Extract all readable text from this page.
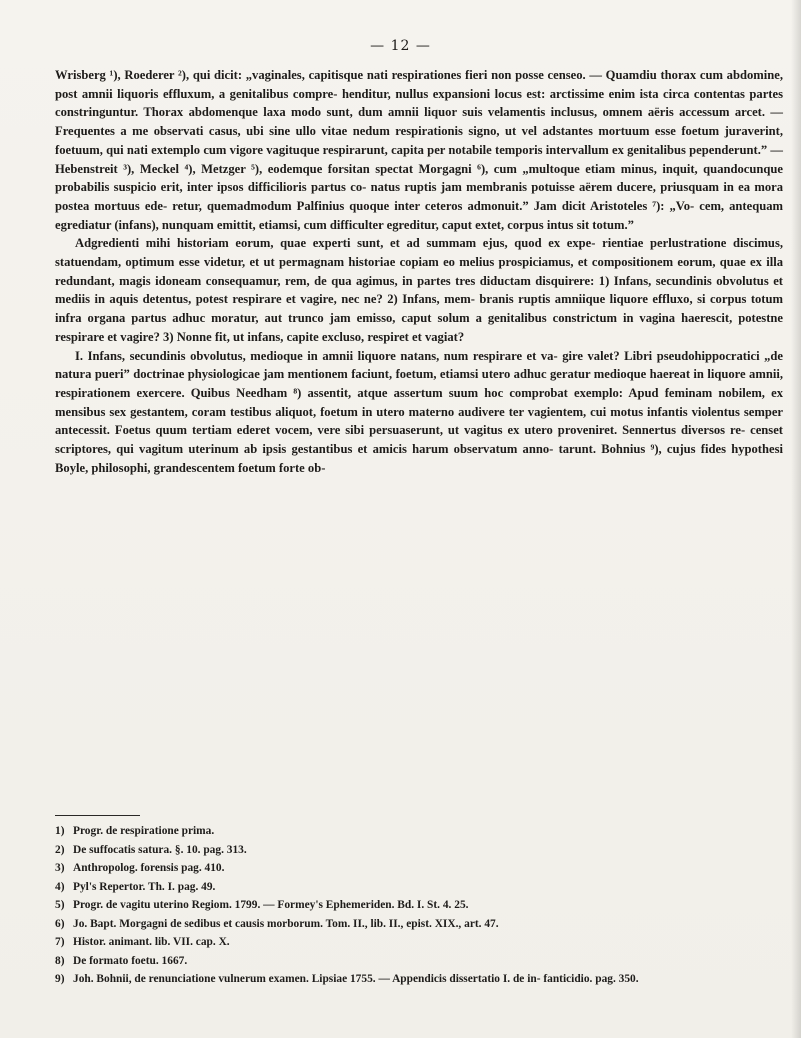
— 12 —

Wrisberg ¹), Roederer ²), qui dicit: „vaginales, capitisque nati respirationes fieri non posse censeo. — Quamdiu thorax cum abdomine, post amnii liquoris effluxum, a genitalibus compre- henditur, nullus expansioni locus est: arctissime enim ista circa contentas partes constringuntur. Thorax abdomenque laxa modo sunt, dum amnii liquor suis velamentis inclusus, omnem aëris accessum arcet. — Frequentes a me observati casus, ubi sine ullo vitae nedum respirationis signo, ut vel adstantes mortuum esse foetum juraverint, foetuum, qui nati extemplo cum vigore vagituque respirarunt, capita per notabile temporis intervallum ex genitalibus pependerunt.” — Hebenstreit ³), Meckel ⁴), Metzger ⁵), eodemque forsitan spectat Morgagni ⁶), cum „multoque etiam minus, inquit, quandocunque probabilis suspicio erit, inter ipsos difficilioris partus co- natus ruptis jam membranis potuisse aërem ducere, priusquam in ea mora postea mortuus ede- retur, quemadmodum Palfinius quoque inter ceteros admonuit.” Jam dicit Aristoteles ⁷): „Vo- cem, antequam egrediatur (infans), nunquam emittit, etiamsi, cum difficulter egreditur, caput extet, corpus intus sit totum.”

Adgredienti mihi historiam eorum, quae experti sunt, et ad summam ejus, quod ex expe- rientiae perlustratione discimus, statuendam, optimum esse videtur, et ut permagnam historiae copiam eo melius prospiciamus, et compositionem eorum, quae ex illa redundant, magis idoneam consequamur, rem, de qua agimus, in partes tres diductam disquirere: 1) Infans, secundinis obvolutus et mediis in aquis detentus, potest respirare et vagire, nec ne? 2) Infans, mem- branis ruptis amniique liquore effluxo, si corpus totum infra organa partus adhuc moratur, aut trunco jam emisso, caput solum a genitalibus constrictum in vagina haerescit, potestne respirare et vagire? 3) Nonne fit, ut infans, capite excluso, respiret et vagiat?

I. Infans, secundinis obvolutus, medioque in amnii liquore natans, num respirare et va- gire valet? Libri pseudohippocratici „de natura pueri” doctrinae physiologicae jam mentionem faciunt, foetum, etiamsi utero adhuc geratur medioque haereat in liquore amnii, respirationem exercere. Quibus Needham ⁸) assentit, atque assertum suum hoc comprobat exemplo: Apud feminam nobilem, ex mensibus sex gestantem, coram testibus aliquot, foetum in utero materno audivere ter vagientem, cui motus infantis violentus semper antecessit. Foetus quum tertiam ederet vocem, vere sibi persuaserunt, ut vagitus ex utero proveniret. Sennertus diversos re- censet scriptores, qui vagitum uterinum ab ipsis gestantibus et amicis harum observatum anno- tarunt. Bohnius ⁹), cujus fides hypothesi Boyle, philosophi, grandescentem foetum forte ob-

1) Progr. de respiratione prima.

2) De suffocatis satura. §. 10. pag. 313.

3) Anthropolog. forensis pag. 410.

4) Pyl's Repertor. Th. I. pag. 49.

5) Progr. de vagitu uterino Regiom. 1799. — Formey's Ephemeriden. Bd. I. St. 4. 25.

6) Jo. Bapt. Morgagni de sedibus et causis morborum. Tom. II., lib. II., epist. XIX., art. 47.

7) Histor. animant. lib. VII. cap. X.

8) De formato foetu. 1667.

9) Joh. Bohnii, de renunciatione vulnerum examen. Lipsiae 1755. — Appendicis dissertatio I. de in- fanticidio. pag. 350.
